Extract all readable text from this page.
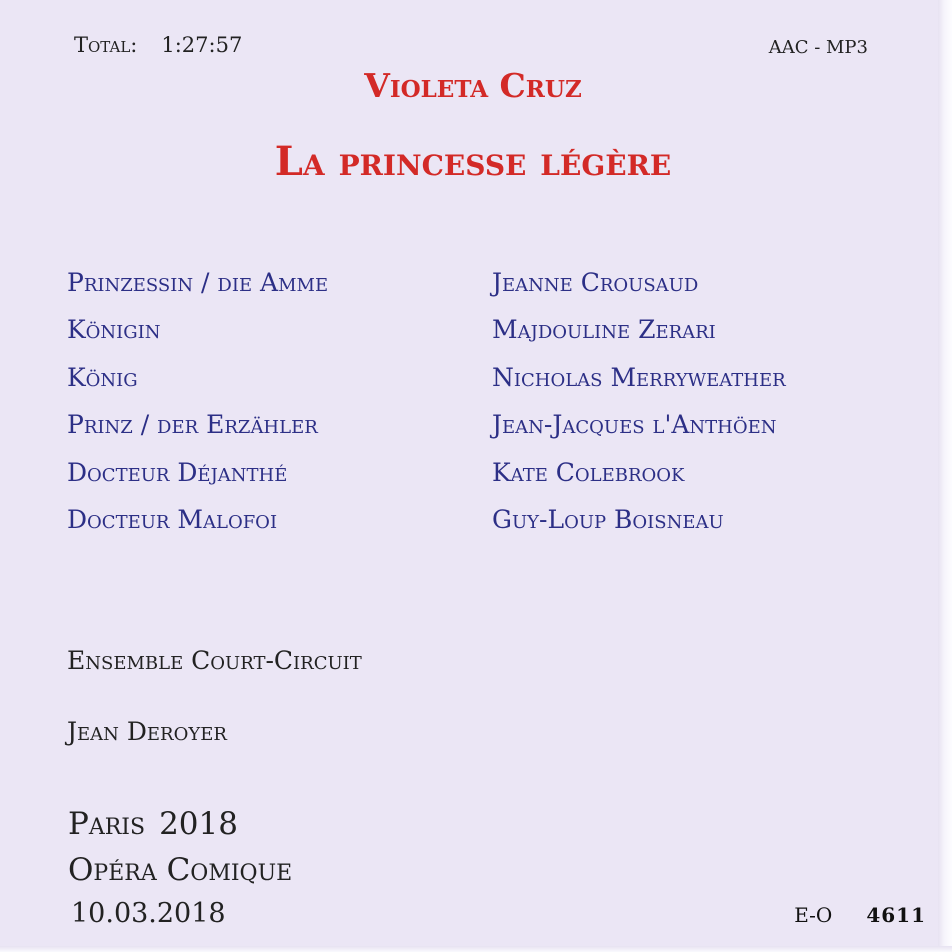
Total: 1:27:57	AAC - MP3
Violeta Cruz
La princesse légère
Prinzessin / die Amme	Jeanne Crousaud
Königin	Majdouline Zerari
König	Nicholas Merryweather
Prinz / der Erzähler	Jean-Jacques l'Anthöen
Docteur Déjanthé	Kate Colebrook
Docteur Malofoi	Guy-Loup Boisneau
Ensemble Court-Circuit
Jean Deroyer
Paris 2018
Opéra Comique
10.03.2018	E-O 4611
